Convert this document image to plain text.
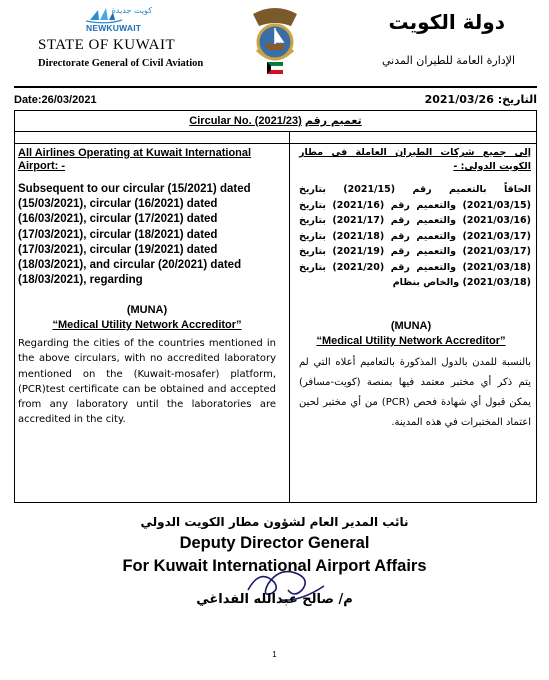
كويت جديدة
NEWKUWAIT
STATE OF KUWAIT
Directorate General of Civil Aviation
دولة الكويت
الإدارة العامة للطيران المدني
Date:26/03/2021	التاريخ: 2021/03/26
Circular No. (2021/23) تعميم رقم
All Airlines Operating at Kuwait International Airport: -
Subsequent to our circular (15/2021) dated (15/03/2021), circular (16/2021) dated (16/03/2021), circular (17/2021) dated (17/03/2021), circular (18/2021) dated (17/03/2021), circular (19/2021) dated (18/03/2021), and circular (20/2021) dated (18/03/2021), regarding
(MUNA)
“Medical Utility Network Accreditor”
Regarding the cities of the countries mentioned in the above circulars, with no accredited laboratory mentioned on the (Kuwait-mosafer) platform, (PCR)test certificate can be obtained and accepted from any laboratory until the laboratories are accredited in the city.
إلى جميع شركات الطيران العاملة في مطار الكويت الدولي: -
الحاقاً بالتعميم رقم (2021/15) بتاريخ (2021/03/15) والتعميم رقم (2021/16) بتاريخ (2021/03/16) والتعميم رقم (2021/17) بتاريخ (2021/03/17) والتعميم رقم (2021/18) بتاريخ (2021/03/17) والتعميم رقم (2021/19) بتاريخ (2021/03/18) والتعميم رقم (2021/20) بتاريخ (2021/03/18) والخاص بنظام
(MUNA)
“Medical Utility Network Accreditor”
بالنسبة للمدن بالدول المذكورة بالتعاميم أعلاه التي لم يتم ذكر أي مختبر معتمد فيها بمنصة (كويت-مسافر) يمكن قبول أي شهادة فحص (PCR) من أي مختبر لحين اعتماد المختبرات في هذه المدينة.
نائب المدير العام لشؤون مطار الكويت الدولي
Deputy Director General
For Kuwait International Airport Affairs
م/ صالح عبدالله الفداغي
1
